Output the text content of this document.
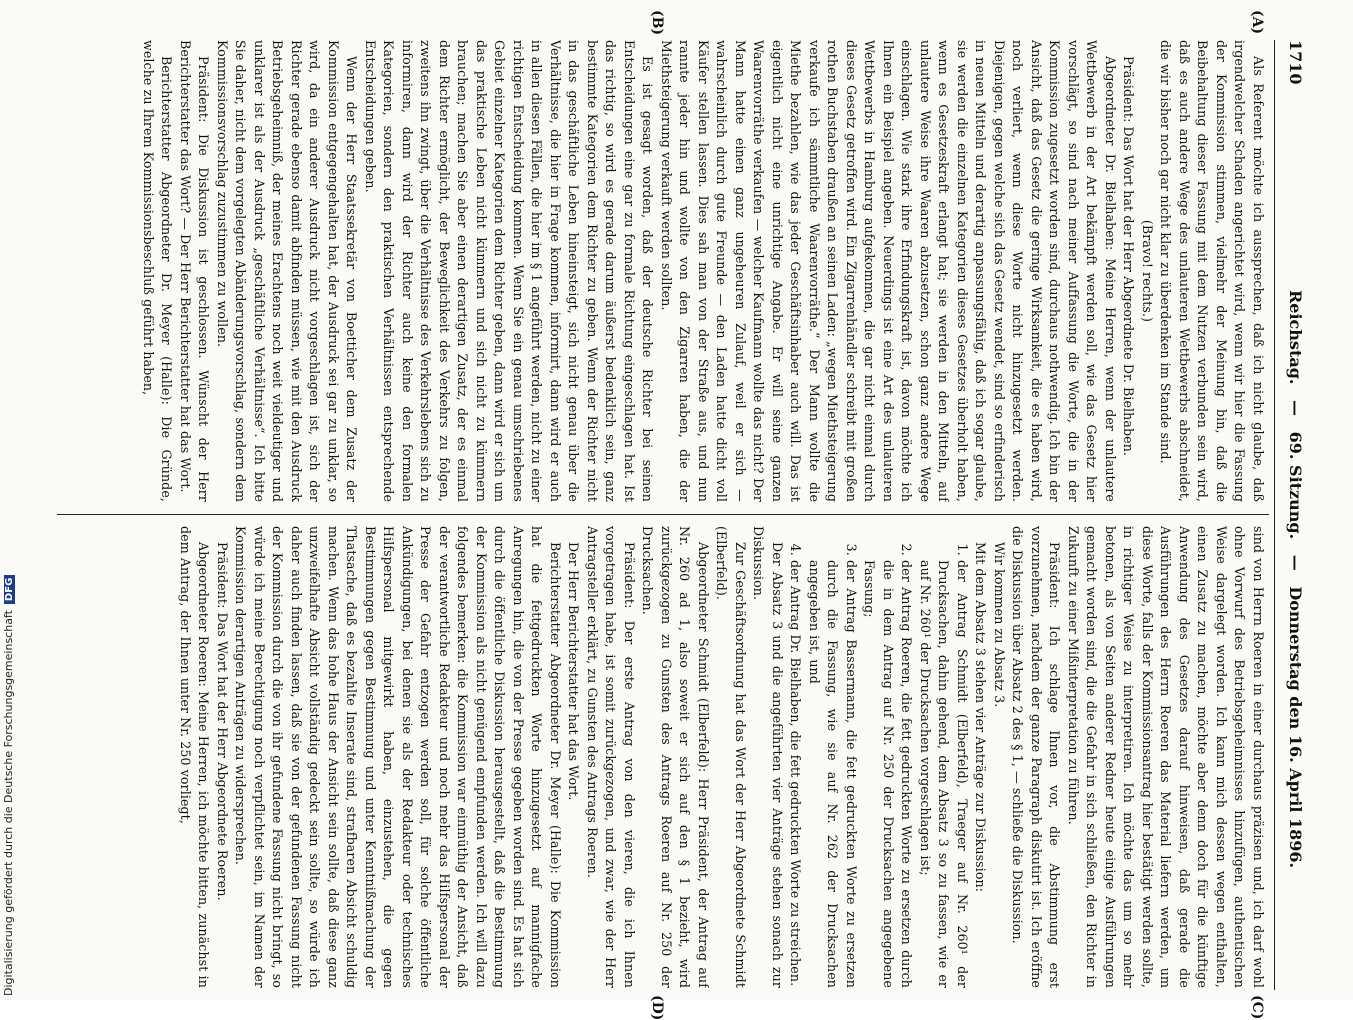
1710
Reichstag. — 69. Sitzung. — Donnerstag den 16. April 1896.
(A)
(B)
(C)
(D)

Als Referent möchte ich aussprechen, daß ich nicht glaube, daß irgendwelcher Schaden angerichtet wird, wenn wir hier die Fassung der Kommission stimmen, vielmehr der Meinung bin, daß die Beibehaltung dieser Fassung mit dem Nutzen verbunden sein wird, daß es auch andere Wege des unlauteren Wettbewerbs abschneidet, die wir bisher noch gar nicht klar zu überdenken im Stande sind.

(Bravo! rechts.)

Präsident: Das Wort hat der Herr Abgeordnete Dr. Bielhaben.

Abgeordneter Dr. Bielhaben: Meine Herren, wenn der unlautere Wettbewerb in der Art bekämpft werden soll, wie das Gesetz hier vorschlägt, so sind nach meiner Auffassung die Worte, die in der Kommission zugesetzt worden sind, durchaus nothwendig. Ich bin der Ansicht, daß das Gesetz die geringe Wirksamkeit, die es haben wird, noch verliert, wenn diese Worte nicht hinzugesetzt werden. Diejenigen, gegen welche sich das Gesetz wendet, sind so erfinderisch in neuen Mitteln und derartig anpassungsfähig, daß ich sogar glaube, sie werden die einzelnen Kategorien dieses Gesetzes überholt haben, wenn es Gesetzeskraft erlangt hat; sie werden in den Mitteln, auf unlautere Weise ihre Waaren abzusetzen, schon ganz andere Wege einschlagen. Wie stark ihre Erfindungskraft ist, davon möchte ich Ihnen ein Beispiel angeben. Neuerdings ist eine Art des unlauteren Wettbewerbs in Hamburg aufgekommen, die gar nicht einmal durch dieses Gesetz getroffen wird. Ein Zigarrenhändler schreibt mit großen rothen Buchstaben draußen an seinen Laden: „wegen Miethsteigerung verkaufe ich sämmtliche Waarenvorräthe.“ Der Mann wollte die Miethe bezahlen, wie das jeder Geschäftsinhaber auch will. Das ist eigentlich nicht eine unrichtige Angabe. Er will seine ganzen Waarenvorräthe verkaufen — welcher Kaufmann wollte das nicht? Der Mann hatte einen ganz ungeheuren Zulauf, weil er sich — wahrscheinlich durch gute Freunde — den Laden hatte dicht voll Käufer stellen lassen. Dies sah man von der Straße aus, und nun rannte jeder hin und wollte von den Zigarren haben, die der Miethsteigerung verkauft werden sollten.

Es ist gesagt worden, daß der deutsche Richter bei seinen Entscheidungen eine gar zu formale Richtung eingeschlagen hat. Ist das richtig, so wird es gerade darum äußerst bedenklich sein, ganz bestimmte Kategorien dem Richter zu geben. Wenn der Richter nicht in das geschäftliche Leben hineinsteigt, sich nicht genau über die Verhältnisse, die hier in Frage kommen, informirt, dann wird er auch in allen diesen Fällen, die hier im § 1 angeführt werden, nicht zu einer richtigen Entscheidung kommen. Wenn Sie ein genau umschriebenes Gebiet einzelner Kategorien dem Richter geben, dann wird er sich um das praktische Leben nicht kümmern und sich nicht zu kümmern brauchen; machen Sie aber einen derartigen Zusatz, der es einmal dem Richter ermöglicht, der Beweglichkeit des Verkehrs zu folgen, zweitens ihn zwingt, über die Verhältnisse des Verkehrslebens sich zu informiren, dann wird der Richter auch keine den formalen Kategorien, sondern den praktischen Verhältnissen entsprechende Entscheidungen geben.

Wenn der Herr Staatssekretär von Boetticher dem Zusatz der Kommission entgegengehalten hat, der Ausdruck sei gar zu unklar, so wird, da ein anderer Ausdruck nicht vorgeschlagen ist, sich der Richter gerade ebenso damit abfinden müssen, wie mit den Ausdruck Betriebsgeheimniß, der meines Erachtens noch weit vieldeutiger und unklarer ist als der Ausdruck „geschäftliche Verhältnisse“. Ich bitte Sie daher, nicht dem vorgelegten Abänderungsvorschlag, sondern dem Kommissionsvorschlag zuzustimmen zu wollen.

Präsident: Die Diskussion ist geschlossen. Wünscht der Herr Berichterstatter das Wort? — Der Herr Berichterstatter hat das Wort.

Berichterstatter Abgeordneter Dr. Meyer (Halle): Die Gründe, welche zu Ihrem Kommissionsbeschluß geführt haben,

sind von Herrn Roeren in einer durchaus präzisen und, ich darf wohl ohne Vorwurf des Betriebsgeheimnisses hinzufügen, authentischen Weise dargelegt worden. Ich kann mich dessen wegen enthalten, einen Zusatz zu machen, möchte aber denn doch für die künftige Anwendung des Gesetzes darauf hinweisen, daß gerade die Ausführungen des Herrn Roeren das Material liefern werden, um diese Worte, falls der Kommissionsantrag hier bestätigt werden sollte, in richtiger Weise zu interpretiren. Ich möchte das um so mehr betonen, als von Seiten anderer Redner heute einige Ausführungen gemacht worden sind, die die Gefahr in sich schließen, den Richter in Zukunft zu einer Mißinterpretation zu führen.

Präsident: Ich schlage Ihnen vor, die Abstimmung erst vorzunehmen, nachdem der ganze Paragraph diskutirt ist. Ich eröffne die Diskussion über Absatz 2 des § 1, — schließe die Diskussion.

Wir kommen zu Absatz 3.

Mit dem Absatz 3 stehen vier Anträge zur Diskussion:

1. der Antrag Schmidt (Elberfeld), Traeger auf Nr. 260¹ der Drucksachen, dahin gehend, dem Absatz 3 so zu fassen, wie er auf Nr. 260¹ der Drucksachen vorgeschlagen ist;
2. der Antrag Roeren, die fett gedruckten Worte zu ersetzen durch die in dem Antrag auf Nr. 250 der Drucksachen angegebene Fassung;
3. der Antrag Bassermann, die fett gedruckten Worte zu ersetzen durch die Fassung, wie sie auf Nr. 262 der Drucksachen angegeben ist, und
4. der Antrag Dr. Bielhaben, die fett gedruckten Worte zu streichen.

Der Absatz 3 und die angeführten vier Anträge stehen sonach zur Diskussion.

Zur Geschäftsordnung hat das Wort der Herr Abgeordnete Schmidt (Elberfeld).

Abgeordneter Schmidt (Elberfeld): Herr Präsident, der Antrag auf Nr. 260 ad 1, also soweit er sich auf den § 1 bezieht, wird zurückgezogen zu Gunsten des Antrags Roeren auf Nr. 250 der Drucksachen.

Präsident: Der erste Antrag von den vieren, die ich Ihnen vorgetragen habe, ist somit zurückgezogen, und zwar, wie der Herr Antragsteller erklärt, zu Gunsten des Antrags Roeren.

Der Herr Berichterstatter hat das Wort.

Berichterstatter Abgeordneter Dr. Meyer (Halle): Die Kommission hat die fettgedruckten Worte hinzugesetzt auf mannigfache Anregungen hin, die von der Presse gegeben worden sind. Es hat sich durch die öffentliche Diskussion herausgestellt, daß die Bestimmung der Kommission als nicht genügend empfunden werden. Ich will dazu folgendes bemerken: die Kommission war einmüthig der Ansicht, daß der verantwortliche Redakteur und noch mehr das Hilfspersonal der Presse der Gefahr entzogen werden soll, für solche öffentliche Ankündigungen, bei denen sie als der Redakteur oder technisches Hilfspersonal mitgewirkt haben, einzustehen, die gegen Bestimmungen gegen Bestimmung und unter Kenntnißmachung der Thatsache, daß es bezahlte Inserate sind, strafbaren Absicht schuldig machen. Wenn das hohe Haus der Ansicht sein sollte, daß diese ganz unzweifelhafte Absicht vollständig gedeckt sein sollte, so würde ich daher auch finden lassen, daß sie von der gefundenen Fassung nicht der Kommission durch die von ihr gefundene Fassung nicht bringt, so würde ich meine Berechtigung noch verpflichtet sein, im Namen der Kommission derartigen Anträgen zu widersprechen.

Präsident: Das Wort hat der Herr Abgeordnete Roeren.

Abgeordneter Roeren: Meine Herren, ich möchte bitten, zunächst in dem Antrag, der Ihnen unter Nr. 250 vorliegt,

Digitalisierung gefördert durch die Deutsche ForschungsgemeinschaftDFG
